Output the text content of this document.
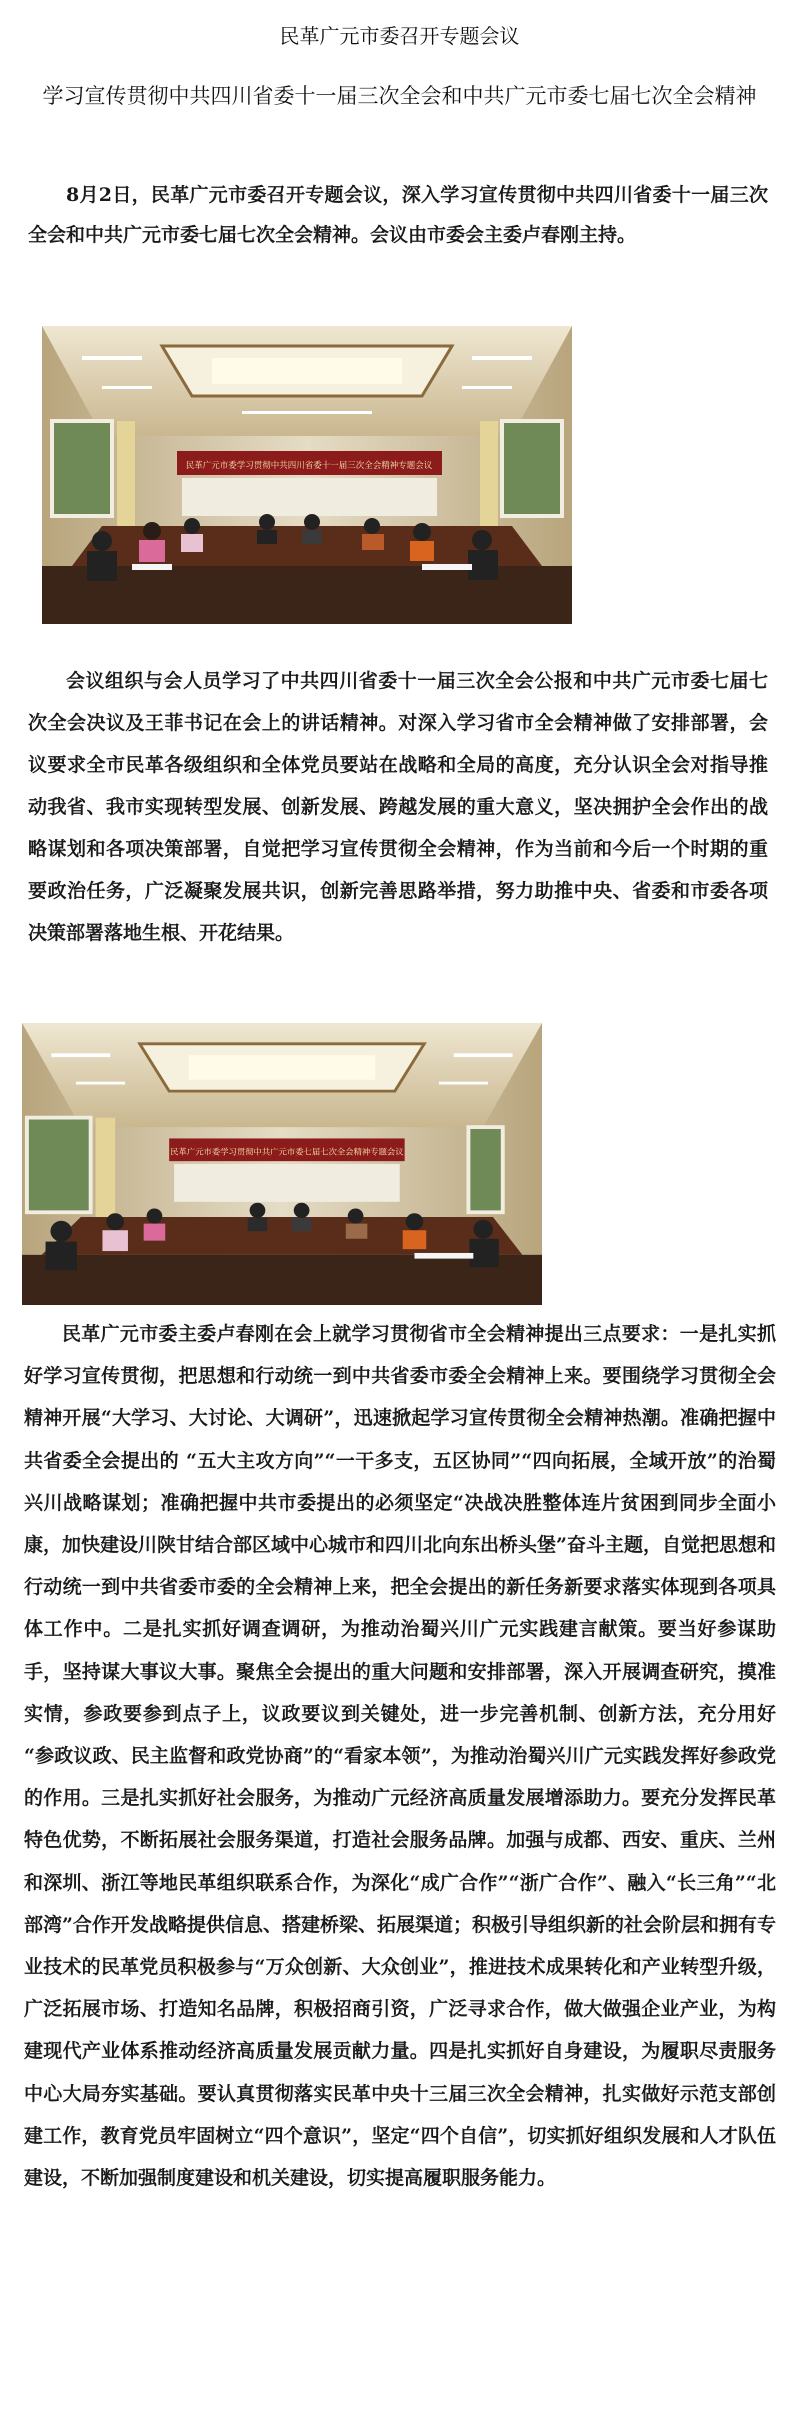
民革广元市委召开专题会议
学习宣传贯彻中共四川省委十一届三次全会和中共广元市委七届七次全会精神

8月2日，民革广元市委召开专题会议，深入学习宣传贯彻中共四川省委十一届三次全会和中共广元市委七届七次全会精神。会议由市委会主委卢春刚主持。

民革广元市委学习贯彻中共四川省委十一届三次全会精神专题会议

会议组织与会人员学习了中共四川省委十一届三次全会公报和中共广元市委七届七次全会决议及王菲书记在会上的讲话精神。对深入学习省市全会精神做了安排部署，会议要求全市民革各级组织和全体党员要站在战略和全局的高度，充分认识全会对指导推动我省、我市实现转型发展、创新发展、跨越发展的重大意义，坚决拥护全会作出的战略谋划和各项决策部署，自觉把学习宣传贯彻全会精神，作为当前和今后一个时期的重要政治任务，广泛凝聚发展共识，创新完善思路举措，努力助推中央、省委和市委各项决策部署落地生根、开花结果。

民革广元市委学习贯彻中共广元市委七届七次全会精神专题会议

民革广元市委主委卢春刚在会上就学习贯彻省市全会精神提出三点要求：一是扎实抓好学习宣传贯彻，把思想和行动统一到中共省委市委全会精神上来。要围绕学习贯彻全会精神开展“大学习、大讨论、大调研”，迅速掀起学习宣传贯彻全会精神热潮。准确把握中共省委全会提出的 “五大主攻方向”“一干多支，五区协同”“四向拓展，全域开放”的治蜀兴川战略谋划；准确把握中共市委提出的必须坚定“决战决胜整体连片贫困到同步全面小康，加快建设川陕甘结合部区域中心城市和四川北向东出桥头堡”奋斗主题，自觉把思想和行动统一到中共省委市委的全会精神上来，把全会提出的新任务新要求落实体现到各项具体工作中。二是扎实抓好调查调研，为推动治蜀兴川广元实践建言献策。要当好参谋助手，坚持谋大事议大事。聚焦全会提出的重大问题和安排部署，深入开展调查研究，摸准实情，参政要参到点子上，议政要议到关键处，进一步完善机制、创新方法，充分用好 “参政议政、民主监督和政党协商”的“看家本领”，为推动治蜀兴川广元实践发挥好参政党的作用。三是扎实抓好社会服务，为推动广元经济高质量发展增添助力。要充分发挥民革特色优势，不断拓展社会服务渠道，打造社会服务品牌。加强与成都、西安、重庆、兰州和深圳、浙江等地民革组织联系合作，为深化“成广合作”“浙广合作”、融入“长三角”“北部湾”合作开发战略提供信息、搭建桥梁、拓展渠道；积极引导组织新的社会阶层和拥有专业技术的民革党员积极参与“万众创新、大众创业”，推进技术成果转化和产业转型升级，广泛拓展市场、打造知名品牌，积极招商引资，广泛寻求合作，做大做强企业产业，为构建现代产业体系推动经济高质量发展贡献力量。四是扎实抓好自身建设，为履职尽责服务中心大局夯实基础。要认真贯彻落实民革中央十三届三次全会精神，扎实做好示范支部创建工作，教育党员牢固树立“四个意识”，坚定“四个自信”，切实抓好组织发展和人才队伍建设，不断加强制度建设和机关建设，切实提高履职服务能力。
